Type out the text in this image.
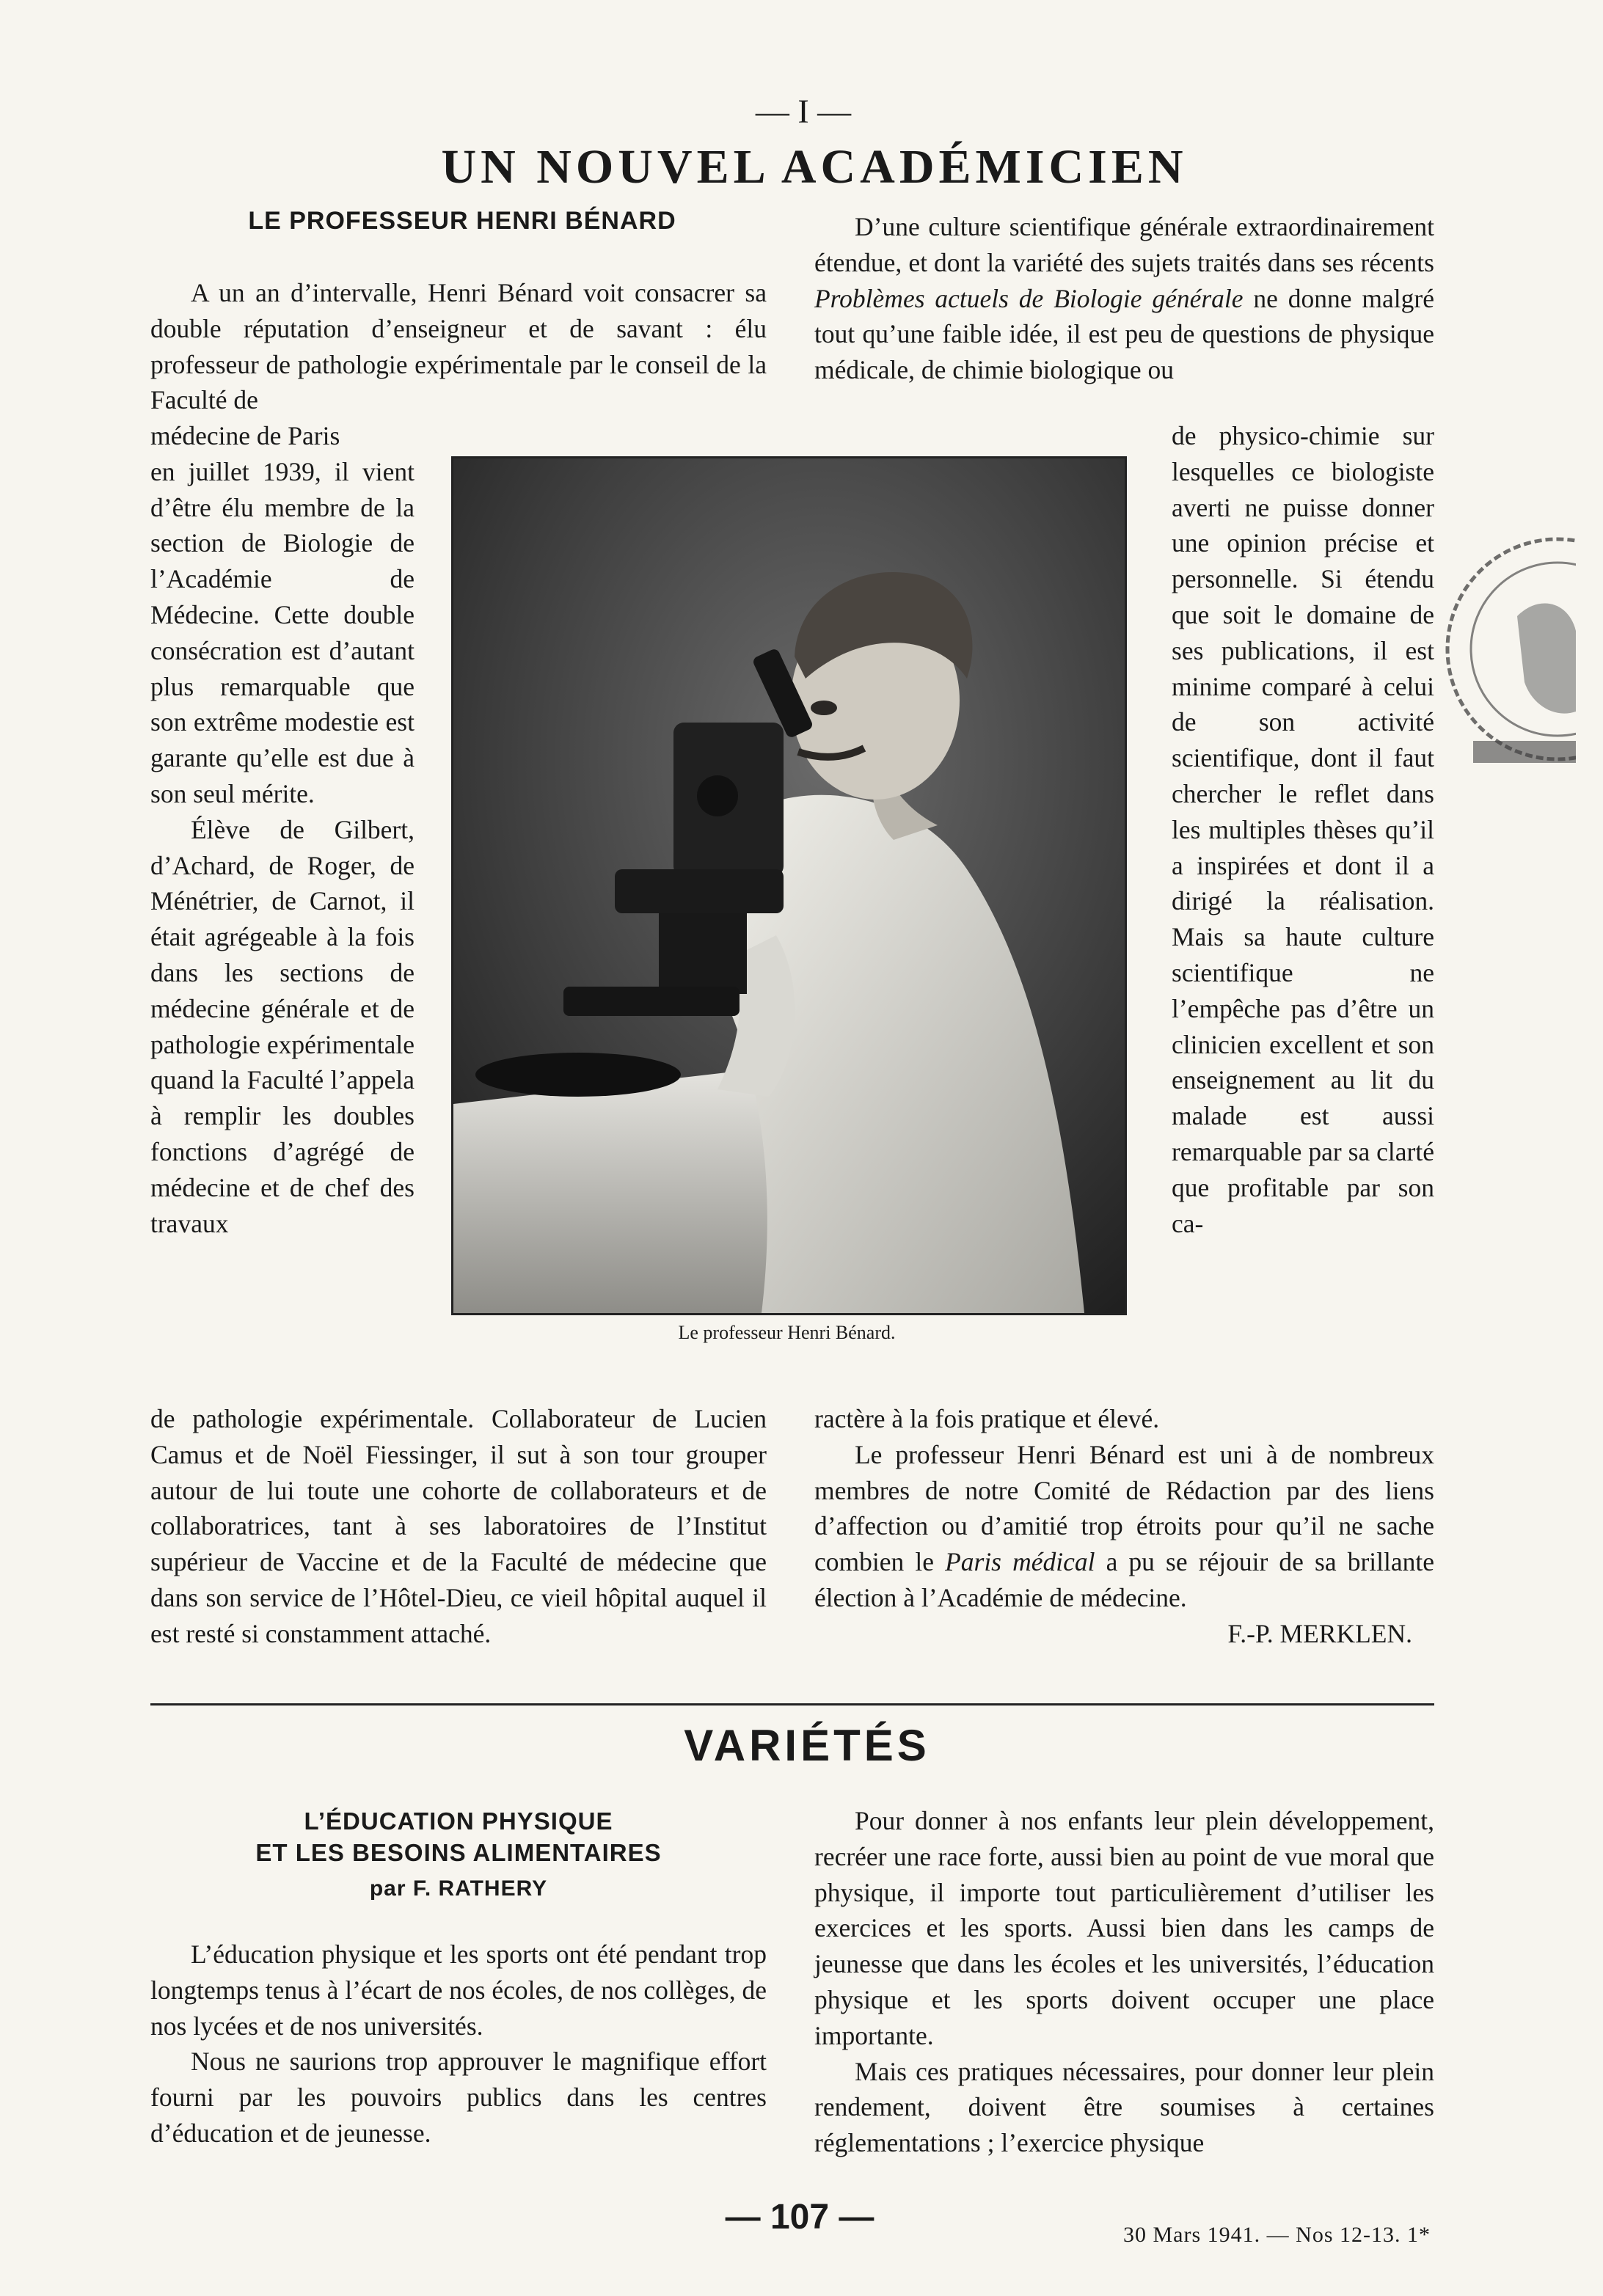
— I —
UN NOUVEL ACADÉMICIEN
LE PROFESSEUR HENRI BÉNARD

A un an d’intervalle, Henri Bénard voit consacrer sa double réputation d’enseigneur et de savant : élu professeur de pathologie expérimentale par le conseil de la Faculté de

médecine de Paris

en juillet 1939, il vient d’être élu membre de la section de Biologie de l’Académie de Médecine. Cette double consécration est d’autant plus remarquable que son extrême modestie est garante qu’elle est due à son seul mérite.

Élève de Gilbert, d’Achard, de Roger, de Ménétrier, de Carnot, il était agrégeable à la fois dans les sections de médecine générale et de pathologie expérimentale quand la Faculté l’appela à remplir les doubles fonctions d’agrégé de médecine et de chef des travaux

de pathologie expérimentale. Collaborateur de Lucien Camus et de Noël Fiessinger, il sut à son tour grouper autour de lui toute une cohorte de collaborateurs et de collaboratrices, tant à ses laboratoires de l’Institut supérieur de Vaccine et de la Faculté de médecine que dans son service de l’Hôtel-Dieu, ce vieil hôpital auquel il est resté si constamment attaché.

Le professeur Henri Bénard.

D’une culture scientifique générale extraordinairement étendue, et dont la variété des sujets traités dans ses récents Problèmes actuels de Biologie générale ne donne malgré tout qu’une faible idée, il est peu de questions de physique médicale, de chimie biologique ou

de physico-chimie sur lesquelles ce biologiste averti ne puisse donner une opinion précise et personnelle. Si étendu que soit le domaine de ses publications, il est minime comparé à celui de son activité scientifique, dont il faut chercher le reflet dans les multiples thèses qu’il a inspirées et dont il a dirigé la réalisation. Mais sa haute culture scientifique ne l’empêche pas d’être un clinicien excellent et son enseignement au lit du malade est aussi remarquable par sa clarté que profitable par son ca-

ractère à la fois pratique et élevé.

Le professeur Henri Bénard est uni à de nombreux membres de notre Comité de Rédaction par des liens d’affection ou d’amitié trop étroits pour qu’il ne sache combien le Paris médical a pu se réjouir de sa brillante élection à l’Académie de médecine.

F.-P. MERKLEN.

VARIÉTÉS
L’ÉDUCATION PHYSIQUE
ET LES BESOINS ALIMENTAIRES
par F. RATHERY

L’éducation physique et les sports ont été pendant trop longtemps tenus à l’écart de nos écoles, de nos collèges, de nos lycées et de nos universités.

Nous ne saurions trop approuver le magnifique effort fourni par les pouvoirs publics dans les centres d’éducation et de jeunesse.

Pour donner à nos enfants leur plein développement, recréer une race forte, aussi bien au point de vue moral que physique, il importe tout particulièrement d’utiliser les exercices et les sports. Aussi bien dans les camps de jeunesse que dans les écoles et les universités, l’éducation physique et les sports doivent occuper une place importante.

Mais ces pratiques nécessaires, pour donner leur plein rendement, doivent être soumises à certaines réglementations ; l’exercice physique

— 107 —	30 Mars 1941. — Nos 12-13. 1*
